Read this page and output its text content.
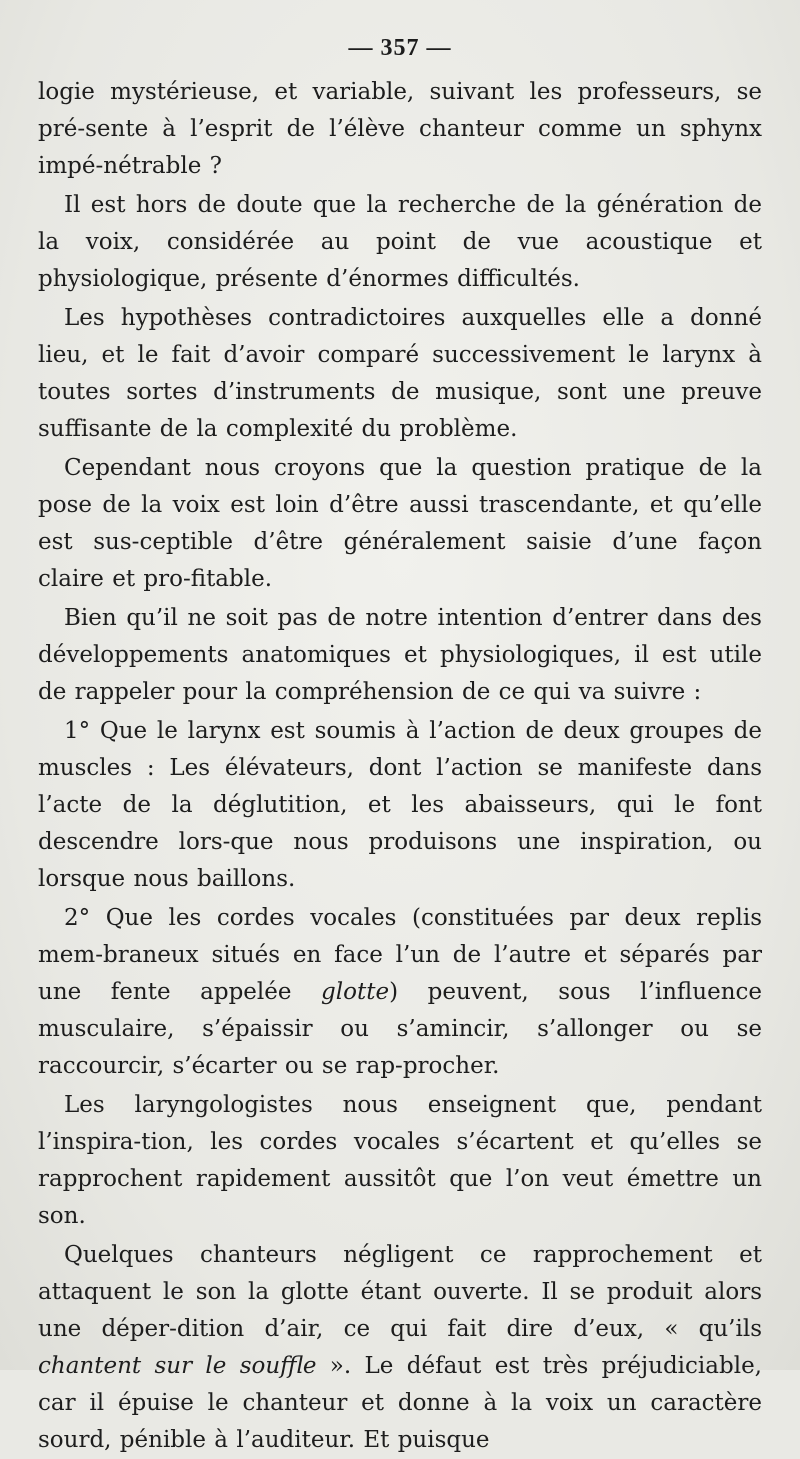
— 357 —

logie mystérieuse, et variable, suivant les professeurs, se pré-sente à l’esprit de l’élève chanteur comme un sphynx impé-nétrable ?

Il est hors de doute que la recherche de la génération de la voix, considérée au point de vue acoustique et physiologique, présente d’énormes difficultés.

Les hypothèses contradictoires auxquelles elle a donné lieu, et le fait d’avoir comparé successivement le larynx à toutes sortes d’instruments de musique, sont une preuve suffisante de la complexité du problème.

Cependant nous croyons que la question pratique de la pose de la voix est loin d’être aussi trascendante, et qu’elle est sus-ceptible d’être généralement saisie d’une façon claire et pro-fitable.

Bien qu’il ne soit pas de notre intention d’entrer dans des développements anatomiques et physiologiques, il est utile de rappeler pour la compréhension de ce qui va suivre :

1° Que le larynx est soumis à l’action de deux groupes de muscles : Les élévateurs, dont l’action se manifeste dans l’acte de la déglutition, et les abaisseurs, qui le font descendre lors-que nous produisons une inspiration, ou lorsque nous baillons.

2° Que les cordes vocales (constituées par deux replis mem-braneux situés en face l’un de l’autre et séparés par une fente appelée glotte) peuvent, sous l’influence musculaire, s’épaissir ou s’amincir, s’allonger ou se raccourcir, s’écarter ou se rap-procher.

Les laryngologistes nous enseignent que, pendant l’inspira-tion, les cordes vocales s’écartent et qu’elles se rapprochent rapidement aussitôt que l’on veut émettre un son.

Quelques chanteurs négligent ce rapprochement et attaquent le son la glotte étant ouverte. Il se produit alors une déper-dition d’air, ce qui fait dire d’eux, « qu’ils chantent sur le souffle ». Le défaut est très préjudiciable, car il épuise le chanteur et donne à la voix un caractère sourd, pénible à l’auditeur. Et puisque
